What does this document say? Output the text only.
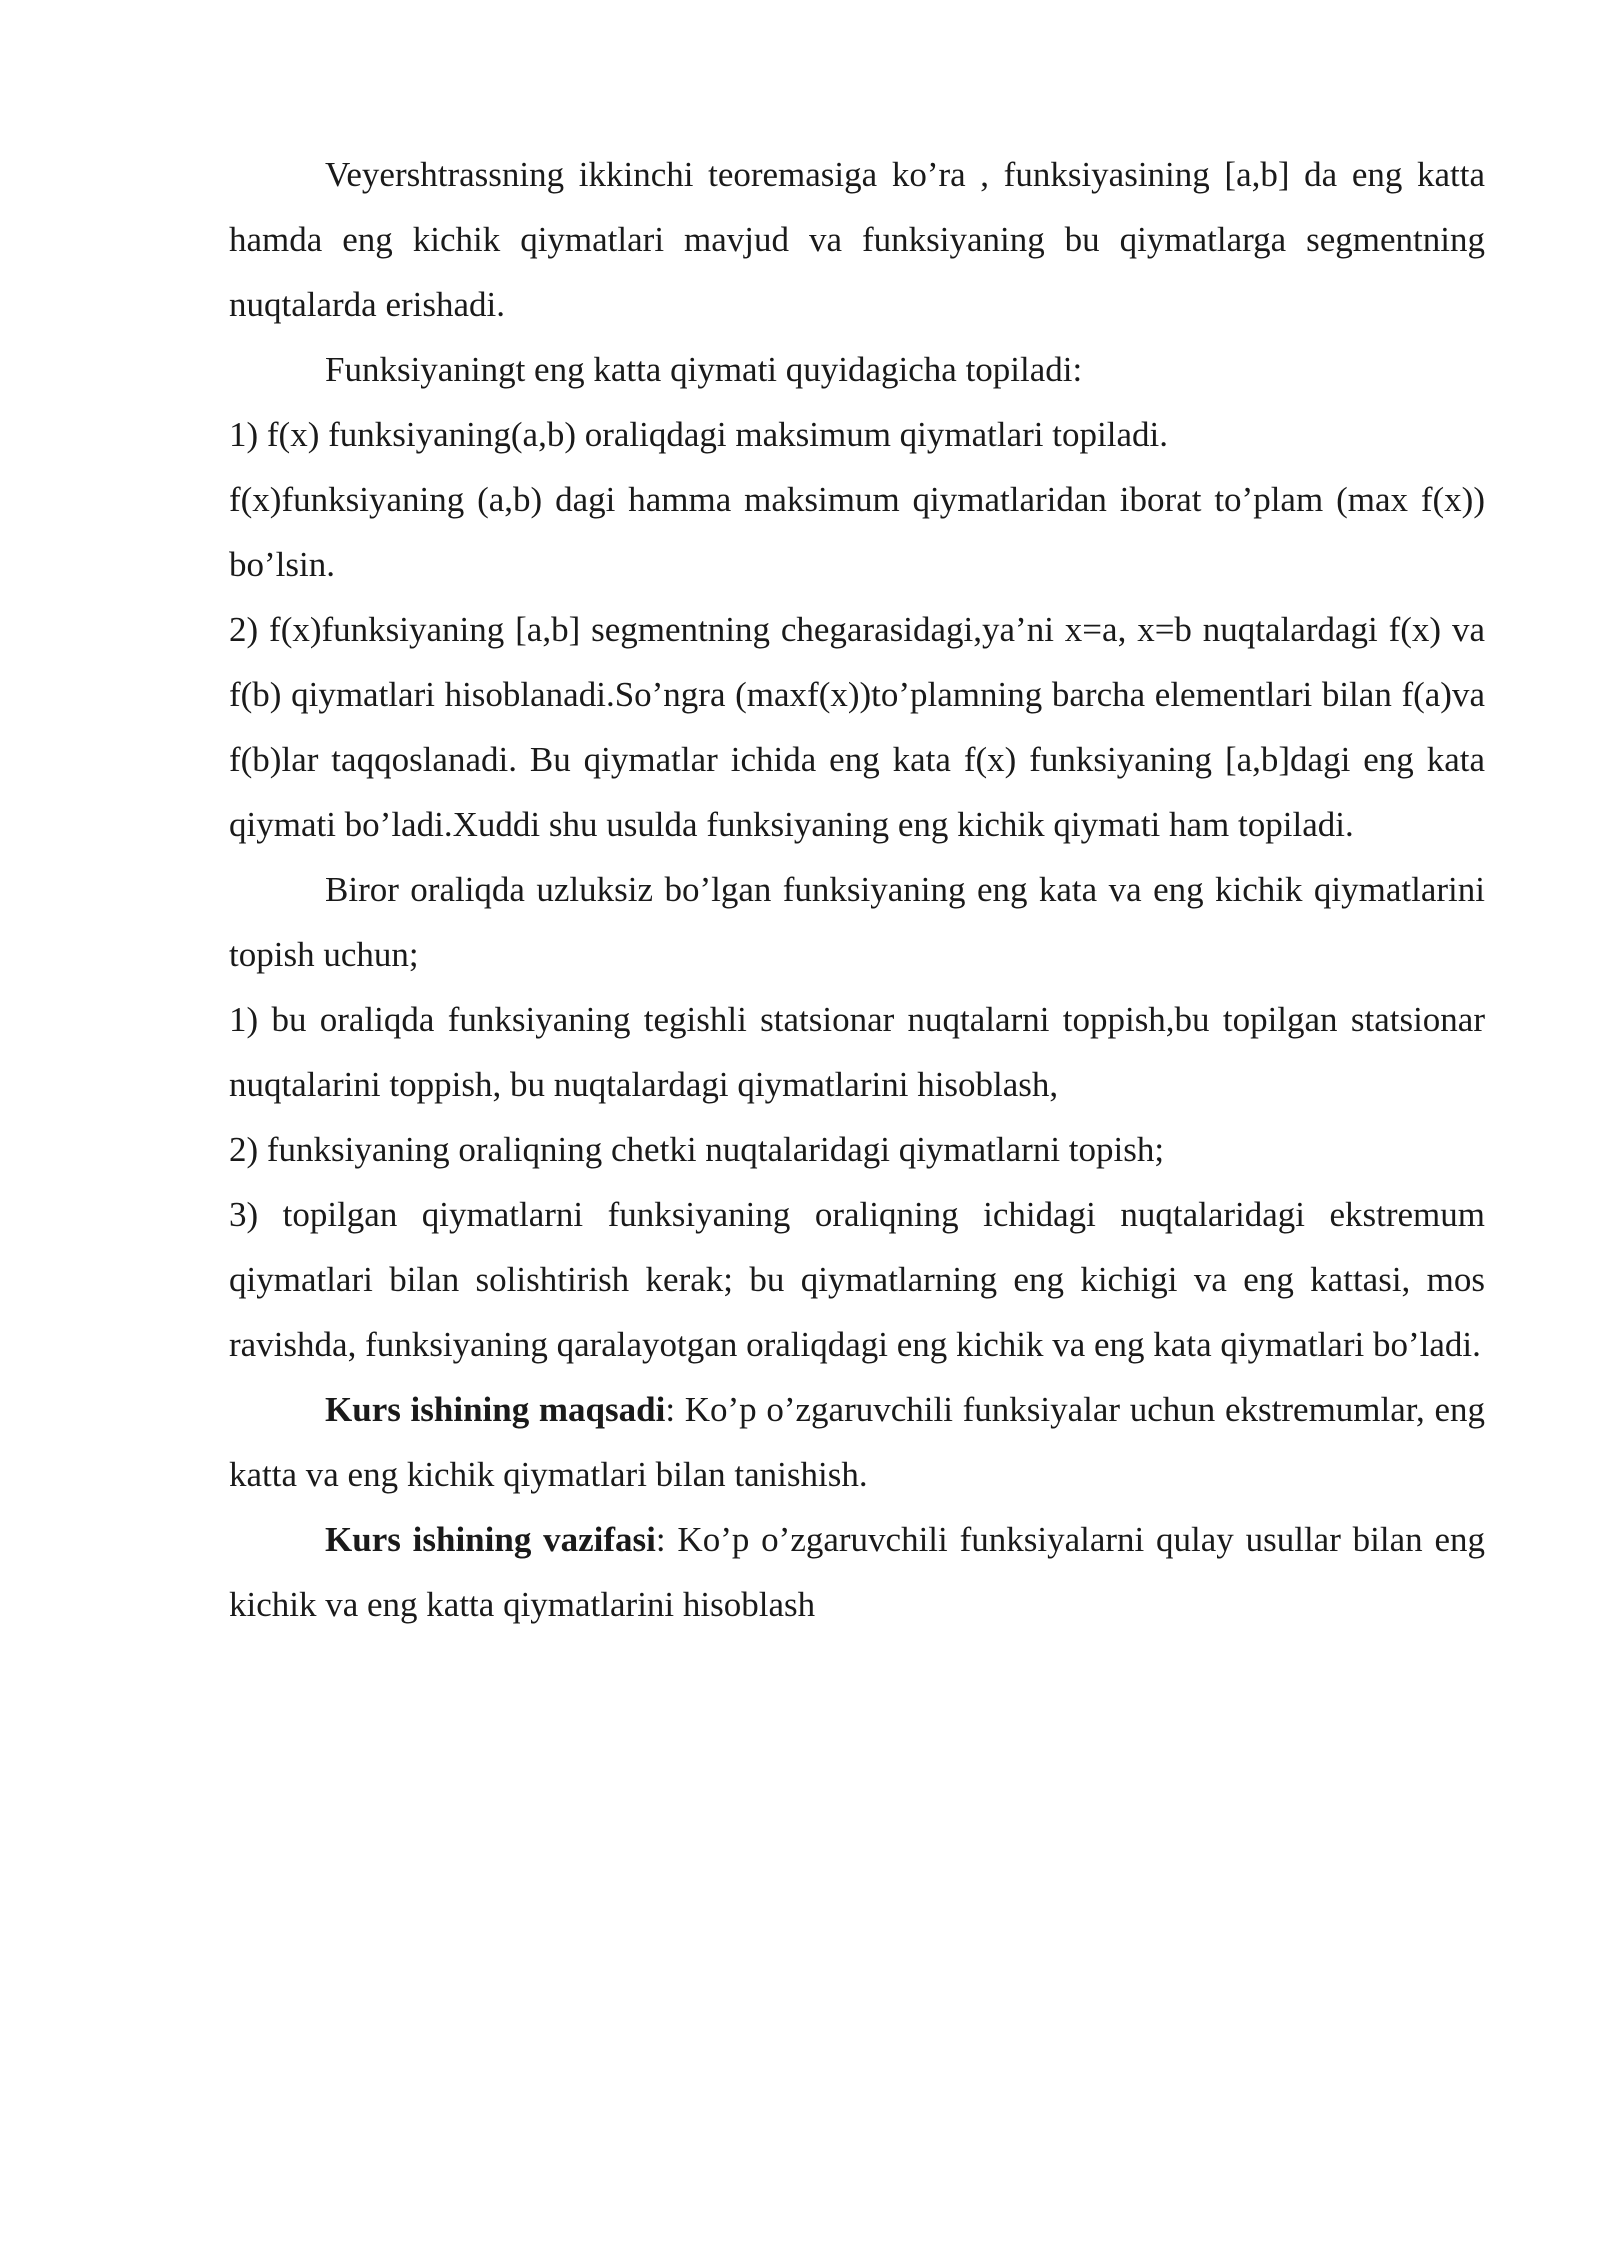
Veyershtrassning ikkinchi teoremasiga ko’ra , funksiyasining [a,b] da eng katta hamda eng kichik qiymatlari mavjud va funksiyaning bu qiymatlarga segmentning nuqtalarda erishadi.

Funksiyaningt eng katta qiymati quyidagicha topiladi:

1) f(x) funksiyaning(a,b) oraliqdagi maksimum qiymatlari topiladi.

f(x)funksiyaning (a,b) dagi hamma maksimum qiymatlaridan iborat to’plam (max f(x)) bo’lsin.

2) f(x)funksiyaning [a,b] segmentning chegarasidagi,ya’ni x=a, x=b nuqtalardagi f(x) va f(b) qiymatlari hisoblanadi.So’ngra (maxf(x))to’plamning barcha elementlari bilan f(a)va f(b)lar taqqoslanadi. Bu qiymatlar ichida eng kata f(x) funksiyaning [a,b]dagi eng kata qiymati bo’ladi.Xuddi shu usulda funksiyaning eng kichik qiymati ham topiladi.

Biror oraliqda uzluksiz bo’lgan funksiyaning eng kata va eng kichik qiymatlarini topish uchun;

1) bu oraliqda funksiyaning tegishli statsionar nuqtalarni toppish,bu topilgan statsionar nuqtalarini toppish, bu nuqtalardagi qiymatlarini hisoblash,

2) funksiyaning oraliqning chetki nuqtalaridagi qiymatlarni topish;

3) topilgan qiymatlarni funksiyaning oraliqning ichidagi nuqtalaridagi ekstremum qiymatlari bilan solishtirish kerak; bu qiymatlarning eng kichigi va eng kattasi, mos ravishda, funksiyaning qaralayotgan oraliqdagi eng kichik va eng kata qiymatlari bo’ladi.

Kurs ishining maqsadi: Ko’p o’zgaruvchili funksiyalar uchun ekstremumlar, eng katta va eng kichik qiymatlari bilan tanishish.

Kurs ishining vazifasi: Ko’p o’zgaruvchili funksiyalarni qulay usullar bilan eng kichik va eng katta qiymatlarini hisoblash
